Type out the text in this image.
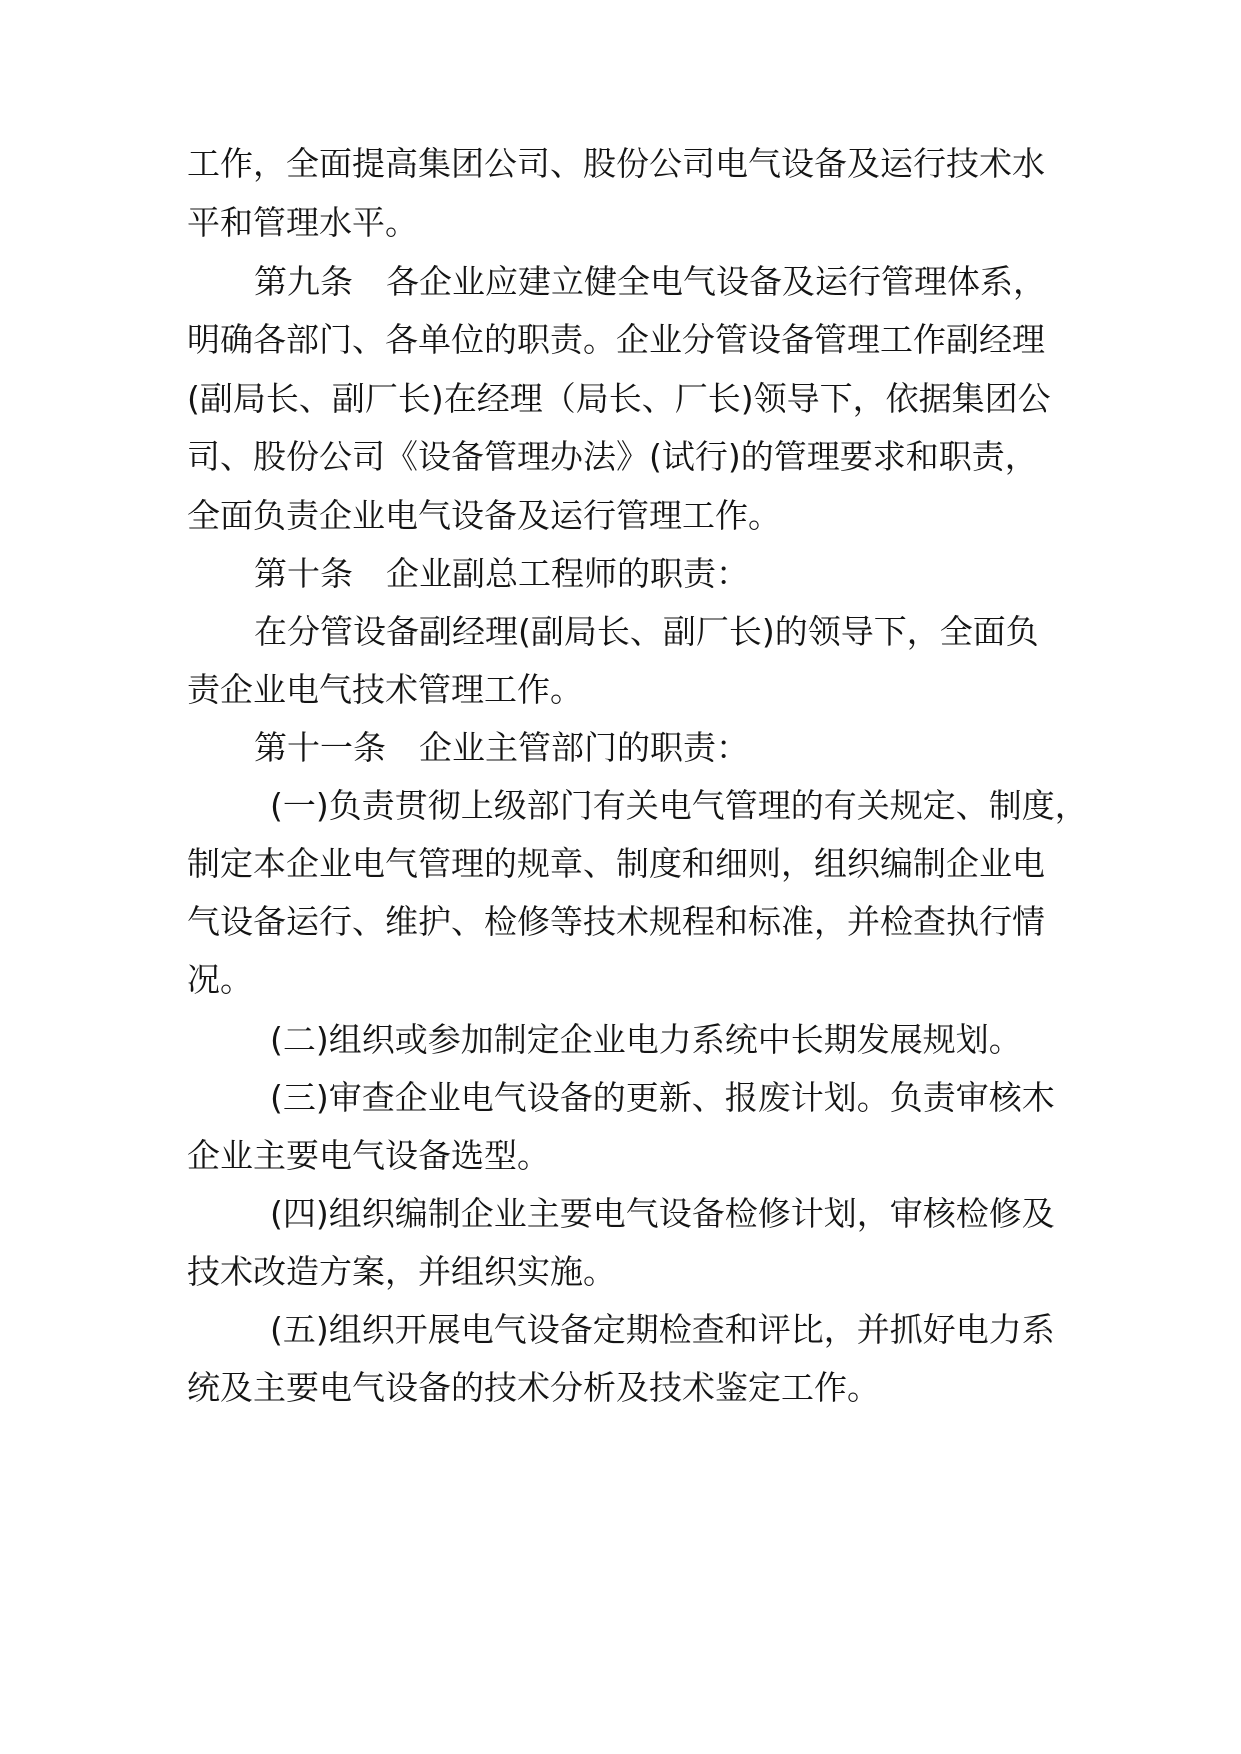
工作，全面提高集团公司、股份公司电气设备及运行技术水
平和管理水平。
第九条　各企业应建立健全电气设备及运行管理体系，
明确各部门、各单位的职责。企业分管设备管理工作副经理
(副局长、副厂长)在经理（局长、厂长)领导下，依据集团公
司、股份公司《设备管理办法》(试行)的管理要求和职责，
全面负责企业电气设备及运行管理工作。
第十条　企业副总工程师的职责：
在分管设备副经理(副局长、副厂长)的领导下，全面负
责企业电气技术管理工作。
第十一条　企业主管部门的职责：
(一)负责贯彻上级部门有关电气管理的有关规定、制度，
制定本企业电气管理的规章、制度和细则，组织编制企业电
气设备运行、维护、检修等技术规程和标准，并检查执行情
况。
(二)组织或参加制定企业电力系统中长期发展规划。
(三)审查企业电气设备的更新、报废计划。负责审核木
企业主要电气设备选型。
(四)组织编制企业主要电气设备检修计划，审核检修及
技术改造方案，并组织实施。
(五)组织开展电气设备定期检查和评比，并抓好电力系
统及主要电气设备的技术分析及技术鉴定工作。
